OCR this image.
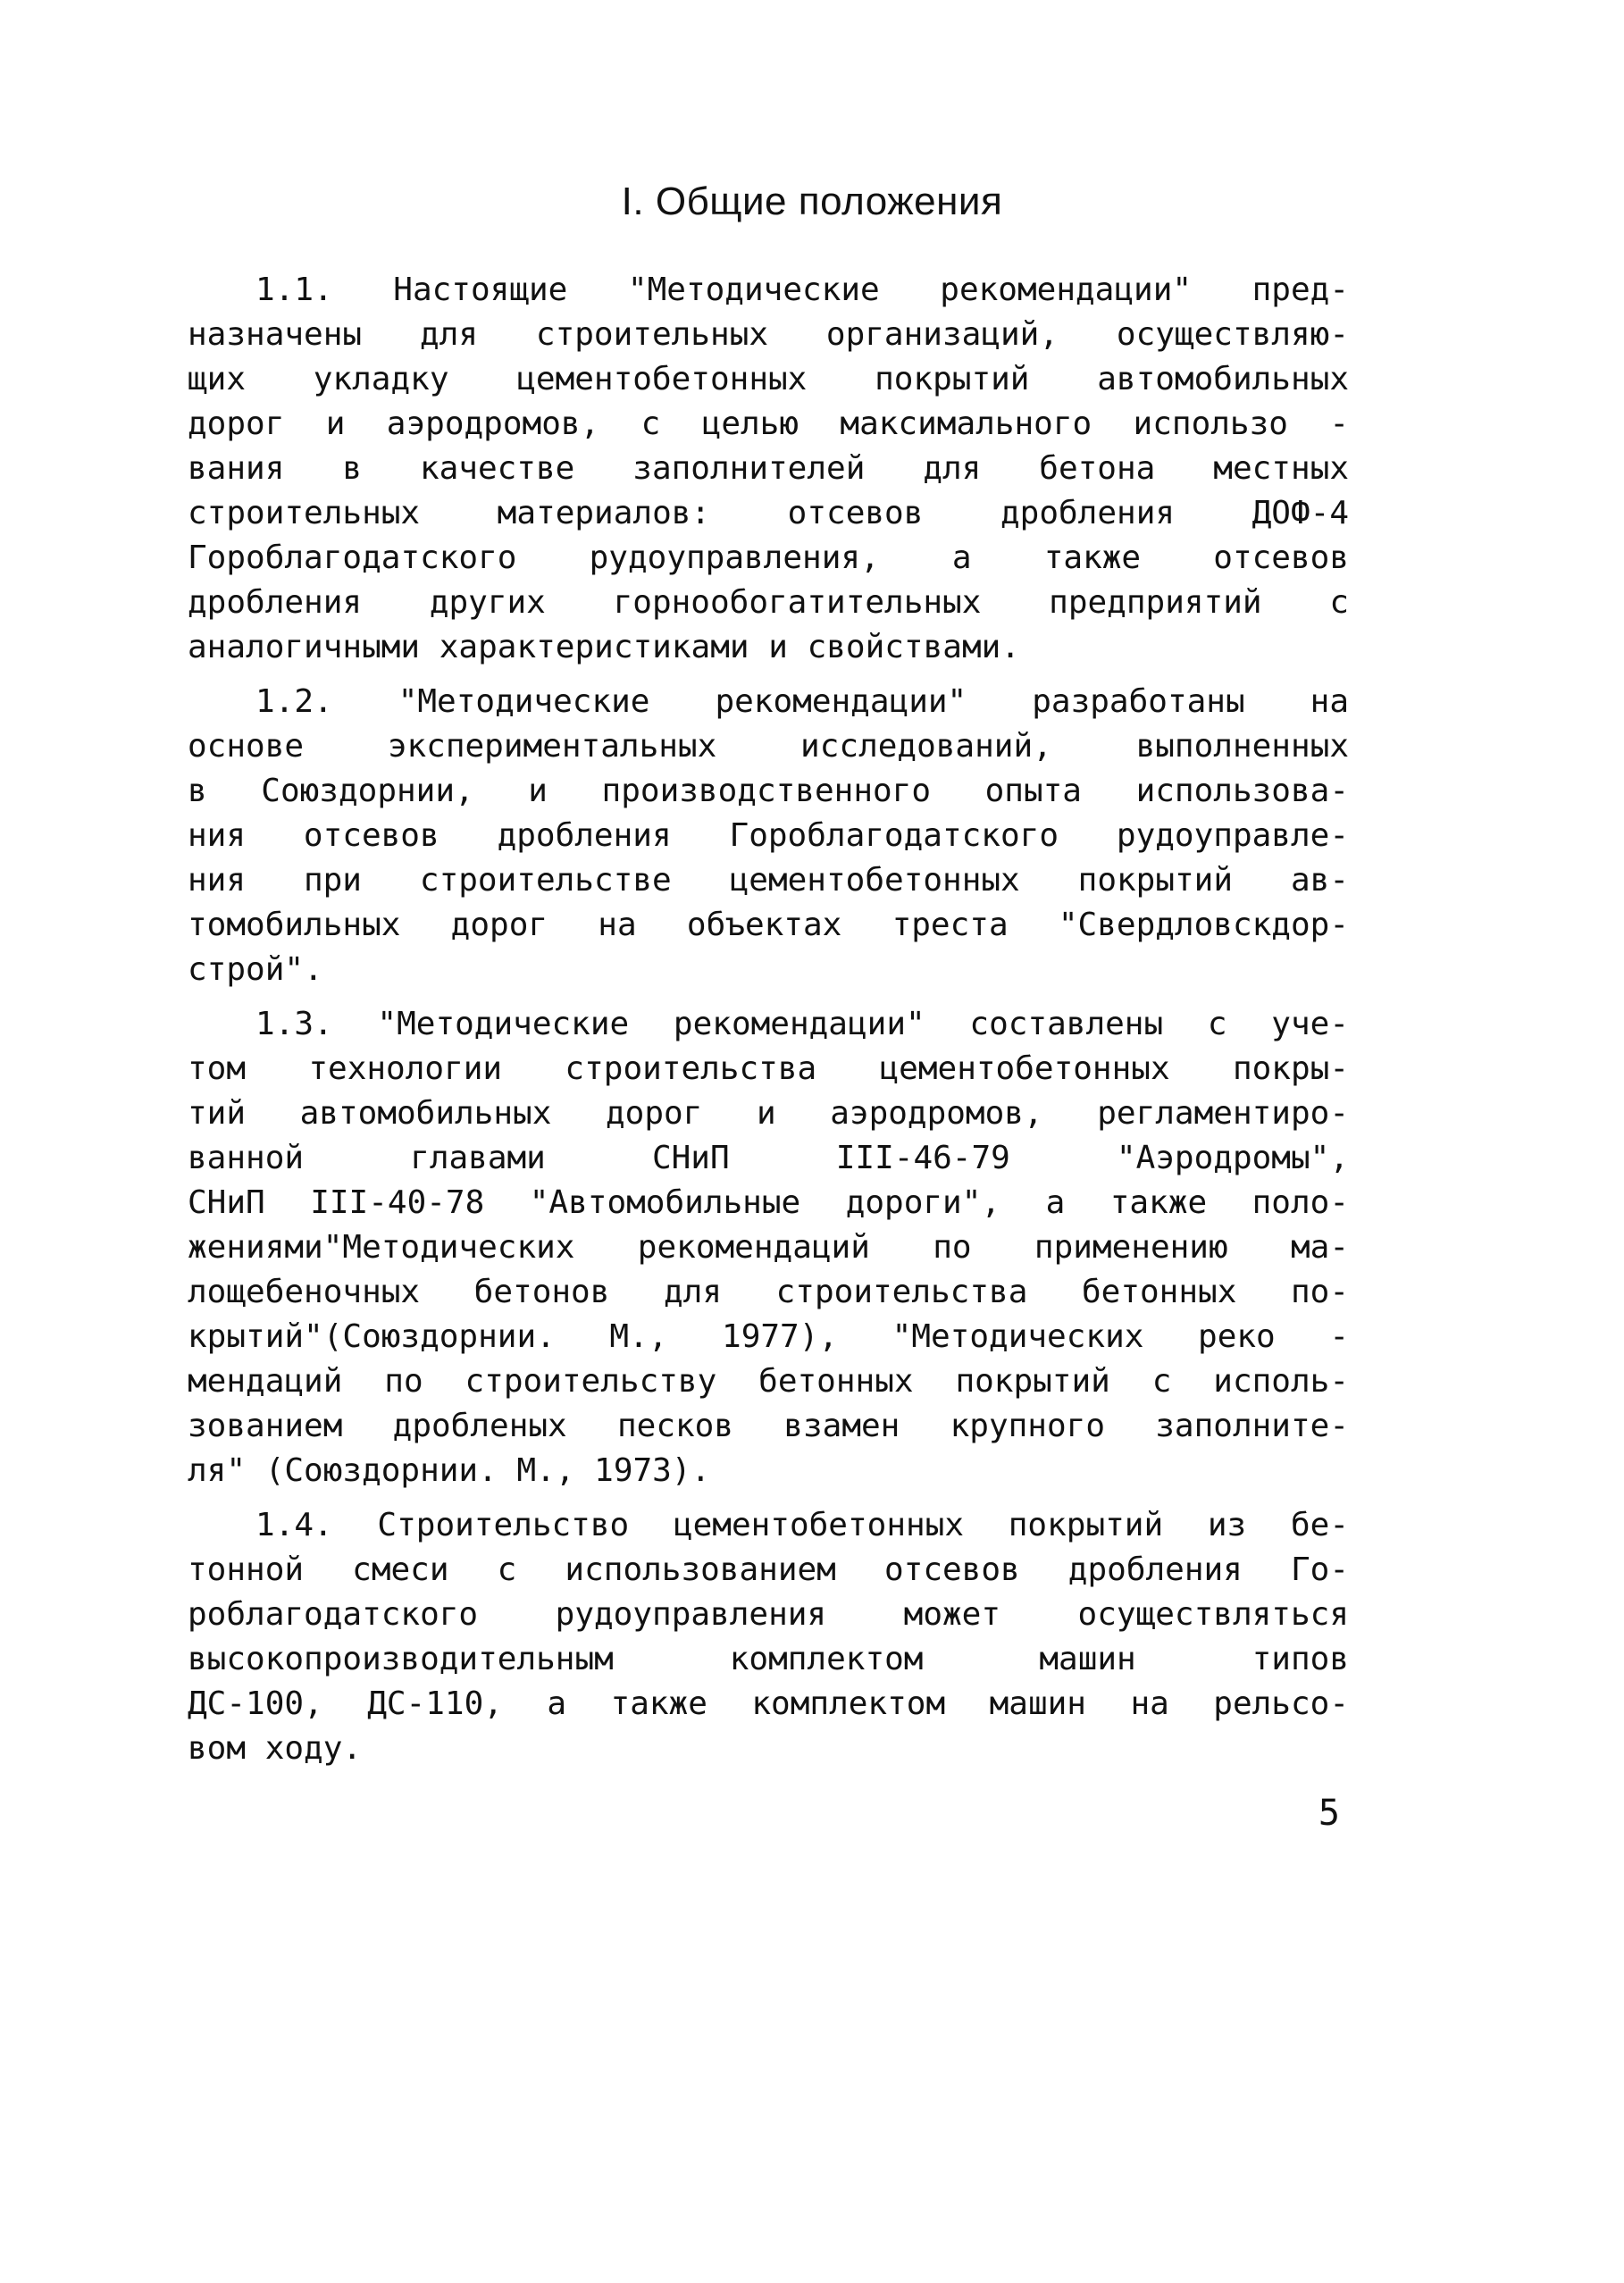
І. Общие положения
1.1. Настоящие "Методические рекомендации" пред-
назначены для строительных организаций, осуществляю-
щих укладку цементобетонных покрытий автомобильных
дорог и аэродромов, с целью максимального использо -
вания в качестве заполнителей для бетона местных
строительных материалов: отсевов дробления ДОФ-4
Гороблагодатского рудоуправления, а также отсевов
дробления других горнообогатительных предприятий с
аналогичными характеристиками и свойствами.
1.2. "Методические рекомендации" разработаны на
основе экспериментальных исследований, выполненных
в Союздорнии, и производственного опыта использова-
ния отсевов дробления Гороблагодатского рудоуправле-
ния при строительстве цементобетонных покрытий ав-
томобильных дорог на объектах треста "Свердловскдор-
строй".
1.3. "Методические рекомендации" составлены с уче-
том технологии строительства цементобетонных покры-
тий автомобильных дорог и аэродромов, регламентиро-
ванной главами СНиП III-46-79 "Аэродромы",
СНиП III-40-78 "Автомобильные дороги", а также поло-
жениями"Методических рекомендаций по применению ма-
лощебеночных бетонов для строительства бетонных по-
крытий"(Союздорнии. М., 1977), "Методических реко -
мендаций по строительству бетонных покрытий с исполь-
зованием дробленых песков взамен крупного заполните-
ля" (Союздорнии. М., 1973).
1.4. Строительство цементобетонных покрытий из бе-
тонной смеси с использованием отсевов дробления Го-
роблагодатского рудоуправления может осуществляться
высокопроизводительным комплектом машин типов
ДС-100, ДС-110, а также комплектом машин на рельсо-
вом ходу.
5
